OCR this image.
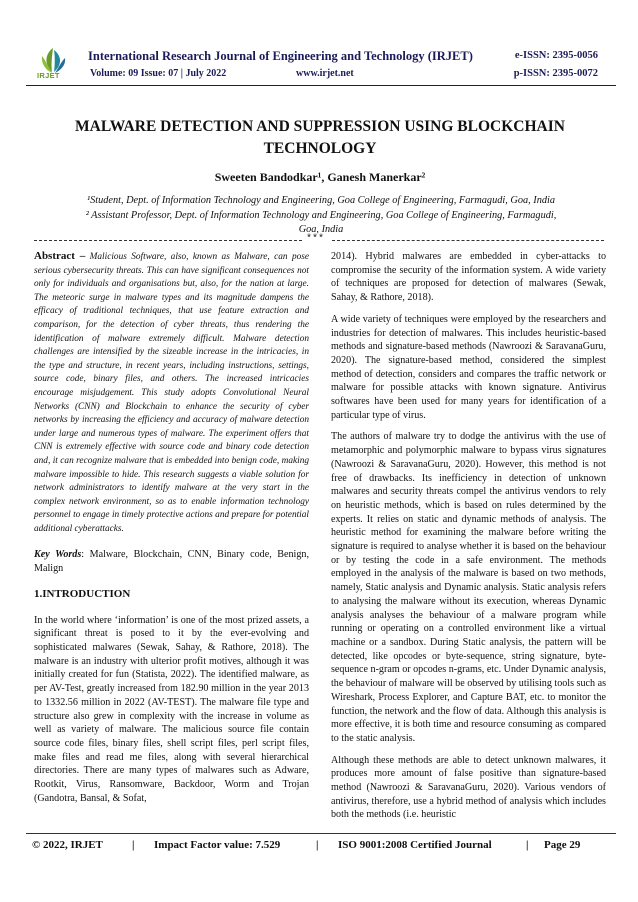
IRJET
International Research Journal of Engineering and Technology (IRJET)	e-ISSN: 2395-0056
Volume: 09 Issue: 07 | July 2022	www.irjet.net	p-ISSN: 2395-0072
MALWARE DETECTION AND SUPPRESSION USING BLOCKCHAIN
TECHNOLOGY
Sweeten Bandodkar¹, Ganesh Manerkar²
¹Student, Dept. of Information Technology and Engineering, Goa College of Engineering, Farmagudi, Goa, India
² Assistant Professor, Dept. of Information Technology and Engineering, Goa College of Engineering, Farmagudi,
Goa, India
***

Abstract – Malicious Software, also, known as Malware, can pose serious cybersecurity threats. This can have significant consequences not only for individuals and organisations but, also, for the nation at large. The meteoric surge in malware types and its magnitude dampens the efficacy of traditional techniques, that use feature extraction and comparison, for the detection of cyber threats, thus rendering the identification of malware extremely difficult. Malware detection challenges are intensified by the sizeable increase in the intricacies, in the type and structure, in recent years, including instructions, settings, source code, binary files, and others. The increased intricacies encourage misjudgement. This study adopts Convolutional Neural Networks (CNN) and Blockchain to enhance the security of cyber networks by increasing the efficiency and accuracy of malware detection under large and numerous types of malware. The experiment offers that CNN is extremely effective with source code and binary code detection and, it can recognize malware that is embedded into benign code, making malware impossible to hide. This research suggests a viable solution for network administrators to identify malware at the very start in the complex network environment, so as to enable information technology personnel to engage in timely protective actions and prepare for potential additional cyberattacks.

Key Words: Malware, Blockchain, CNN, Binary code, Benign, Malign

1.INTRODUCTION

In the world where ‘information’ is one of the most prized assets, a significant threat is posed to it by the ever-evolving and sophisticated malwares (Sewak, Sahay, & Rathore, 2018). The malware is an industry with ulterior profit motives, although it was initially created for fun (Statista, 2022). The identified malware, as per AV-Test, greatly increased from 182.90 million in the year 2013 to 1332.56 million in 2022 (AV-TEST). The malware file type and structure also grew in complexity with the increase in volume as well as variety of malware. The malicious source file contain source code files, binary files, shell script files, perl script files, make files and read me files, along with several hierarchical directories. There are many types of malwares such as Adware, Rootkit, Virus, Ransomware, Backdoor, Worm and Trojan (Gandotra, Bansal, & Sofat,

2014). Hybrid malwares are embedded in cyber-attacks to compromise the security of the information system. A wide variety of techniques are proposed for detection of malwares (Sewak, Sahay, & Rathore, 2018).

A wide variety of techniques were employed by the researchers and industries for detection of malwares. This includes heuristic-based methods and signature-based methods (Nawroozi & SaravanaGuru, 2020). The signature-based method, considered the simplest method of detection, considers and compares the traffic network or malware for possible attacks with known signature. Antivirus softwares have been used for many years for identification of a particular type of virus.

The authors of malware try to dodge the antivirus with the use of metamorphic and polymorphic malware to bypass virus signatures (Nawroozi & SaravanaGuru, 2020). However, this method is not free of drawbacks. Its inefficiency in detection of unknown malwares and security threats compel the antivirus vendors to rely on heuristic methods, which is based on rules determined by the experts. It relies on static and dynamic methods of analysis. The heuristic method for examining the malware before writing the signature is required to analyse whether it is based on the behaviour or by testing the code in a safe environment. The methods employed in the analysis of the malware is based on two methods, namely, Static analysis and Dynamic analysis. Static analysis refers to analysing the malware without its execution, whereas Dynamic analysis analyses the behaviour of a malware program while running or operating on a controlled environment like a virtual machine or a sandbox. During Static analysis, the pattern will be detected, like opcodes or byte-sequence, string signature, byte-sequence n-gram or opcodes n-grams, etc. Under Dynamic analysis, the behaviour of malware will be observed by utilising tools such as Wireshark, Process Explorer, and Capture BAT, etc. to monitor the function, the network and the flow of data. Although this analysis is more effective, it is both time and resource consuming as compared to the static analysis.

Although these methods are able to detect unknown malwares, it produces more amount of false positive than signature-based method (Nawroozi & SaravanaGuru, 2020). Various vendors of antivirus, therefore, use a hybrid method of analysis which includes both the methods (i.e. heuristic

© 2022, IRJET	| Impact Factor value: 7.529	| ISO 9001:2008 Certified Journal	| Page 29
